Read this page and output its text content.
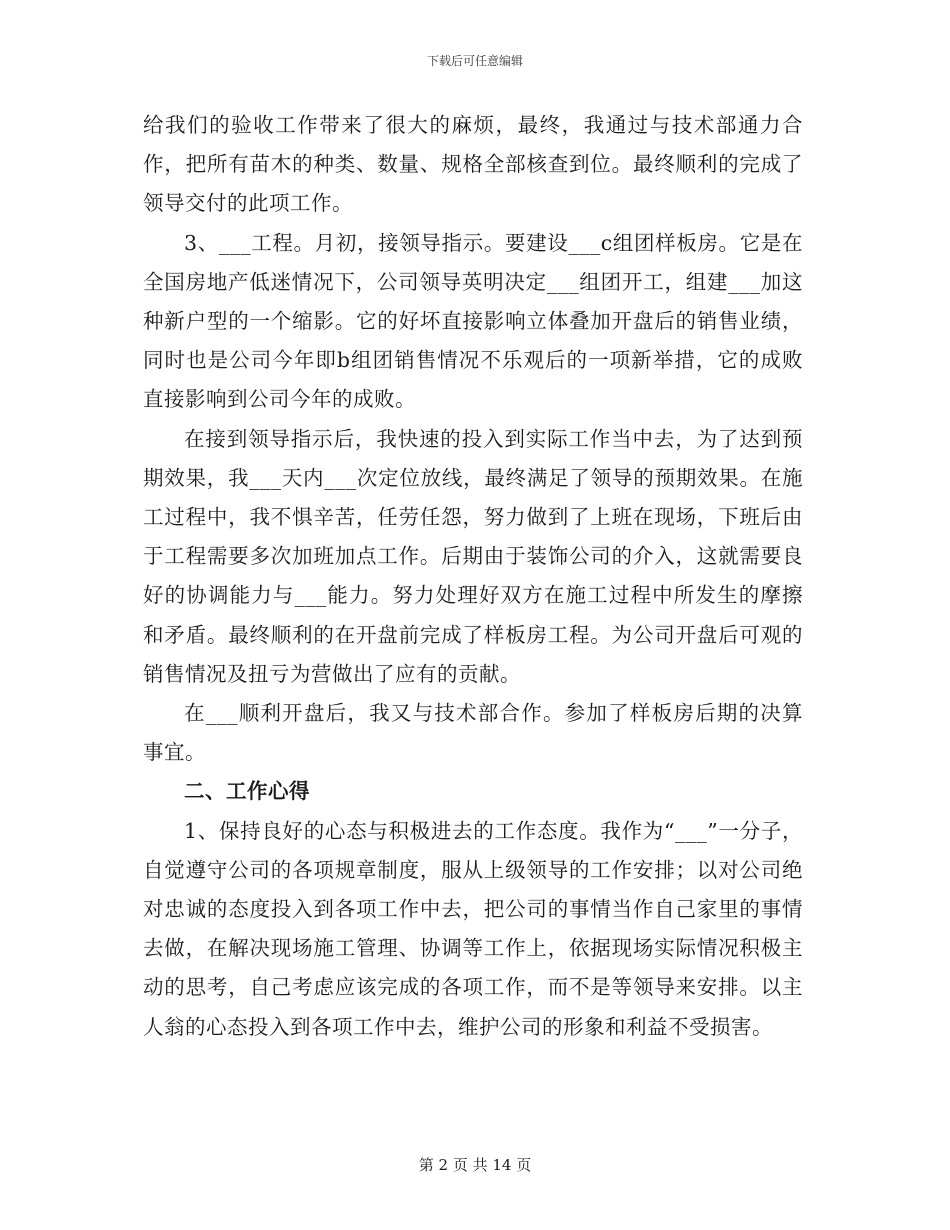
下载后可任意编辑

给我们的验收工作带来了很大的麻烦，最终，我通过与技术部通力合作，把所有苗木的种类、数量、规格全部核查到位。最终顺利的完成了领导交付的此项工作。

3、___工程。月初，接领导指示。要建设___c组团样板房。它是在全国房地产低迷情况下，公司领导英明决定___组团开工，组建___加这种新户型的一个缩影。它的好坏直接影响立体叠加开盘后的销售业绩，同时也是公司今年即b组团销售情况不乐观后的一项新举措，它的成败直接影响到公司今年的成败。

在接到领导指示后，我快速的投入到实际工作当中去，为了达到预期效果，我___天内___次定位放线，最终满足了领导的预期效果。在施工过程中，我不惧辛苦，任劳任怨，努力做到了上班在现场，下班后由于工程需要多次加班加点工作。后期由于装饰公司的介入，这就需要良好的协调能力与___能力。努力处理好双方在施工过程中所发生的摩擦和矛盾。最终顺利的在开盘前完成了样板房工程。为公司开盘后可观的销售情况及扭亏为营做出了应有的贡献。

在___顺利开盘后，我又与技术部合作。参加了样板房后期的决算事宜。

二、工作心得

1、保持良好的心态与积极进去的工作态度。我作为“___”一分子，自觉遵守公司的各项规章制度，服从上级领导的工作安排；以对公司绝对忠诚的态度投入到各项工作中去，把公司的事情当作自己家里的事情去做，在解决现场施工管理、协调等工作上，依据现场实际情况积极主动的思考，自己考虑应该完成的各项工作，而不是等领导来安排。以主人翁的心态投入到各项工作中去，维护公司的形象和利益不受损害。

第 2 页 共 14 页
